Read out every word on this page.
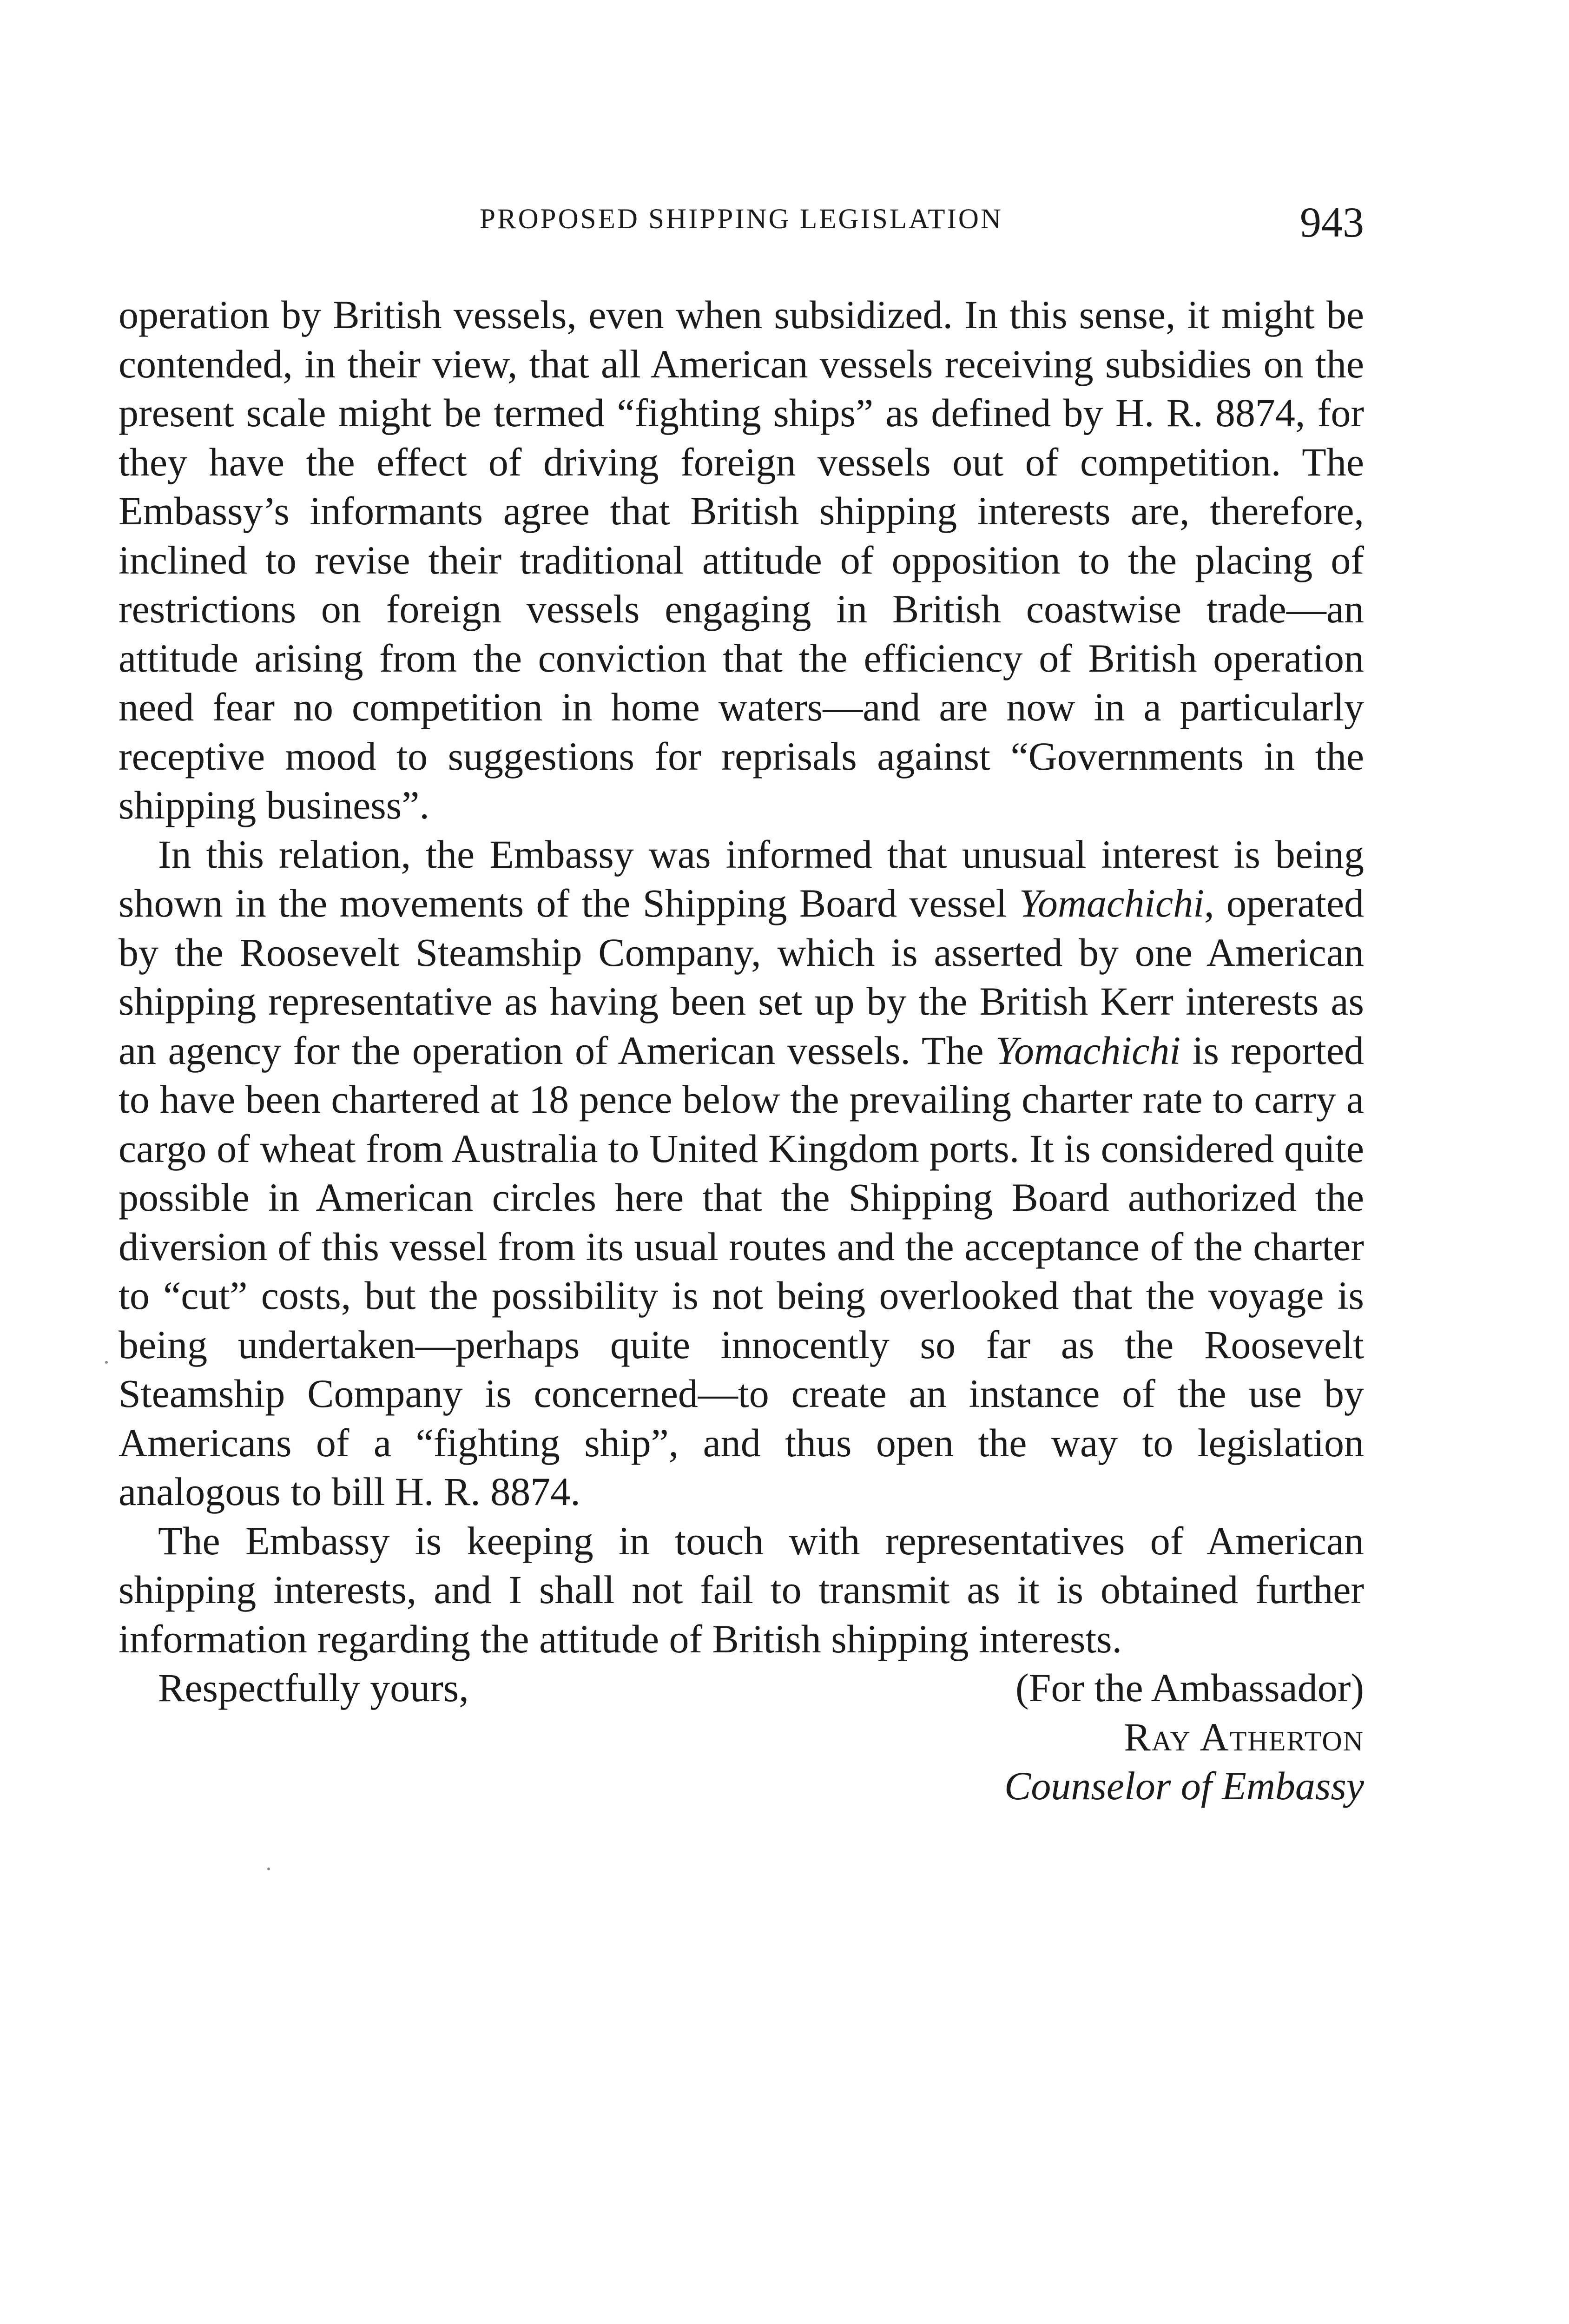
PROPOSED SHIPPING LEGISLATION	943

operation by British vessels, even when subsidized. In this sense, it might be contended, in their view, that all American vessels receiving subsidies on the present scale might be termed “fighting ships” as defined by H. R. 8874, for they have the effect of driving foreign vessels out of competition. The Embassy’s informants agree that British shipping interests are, therefore, inclined to revise their traditional attitude of opposition to the placing of restrictions on foreign vessels engaging in British coastwise trade—an attitude arising from the conviction that the efficiency of British operation need fear no competition in home waters—and are now in a particularly receptive mood to suggestions for reprisals against “Governments in the shipping business”.

In this relation, the Embassy was informed that unusual interest is being shown in the movements of the Shipping Board vessel Yomachichi, operated by the Roosevelt Steamship Company, which is asserted by one American shipping representative as having been set up by the British Kerr interests as an agency for the operation of American vessels. The Yomachichi is reported to have been chartered at 18 pence below the prevailing charter rate to carry a cargo of wheat from Australia to United Kingdom ports. It is considered quite possible in American circles here that the Shipping Board authorized the diversion of this vessel from its usual routes and the acceptance of the charter to “cut” costs, but the possibility is not being overlooked that the voyage is being undertaken—perhaps quite innocently so far as the Roosevelt Steamship Company is concerned—to create an instance of the use by Americans of a “fighting ship”, and thus open the way to legislation analogous to bill H. R. 8874.

The Embassy is keeping in touch with representatives of American shipping interests, and I shall not fail to transmit as it is obtained further information regarding the attitude of British shipping interests.

Respectfully yours,	(For the Ambassador)
Ray Atherton
Counselor of Embassy
